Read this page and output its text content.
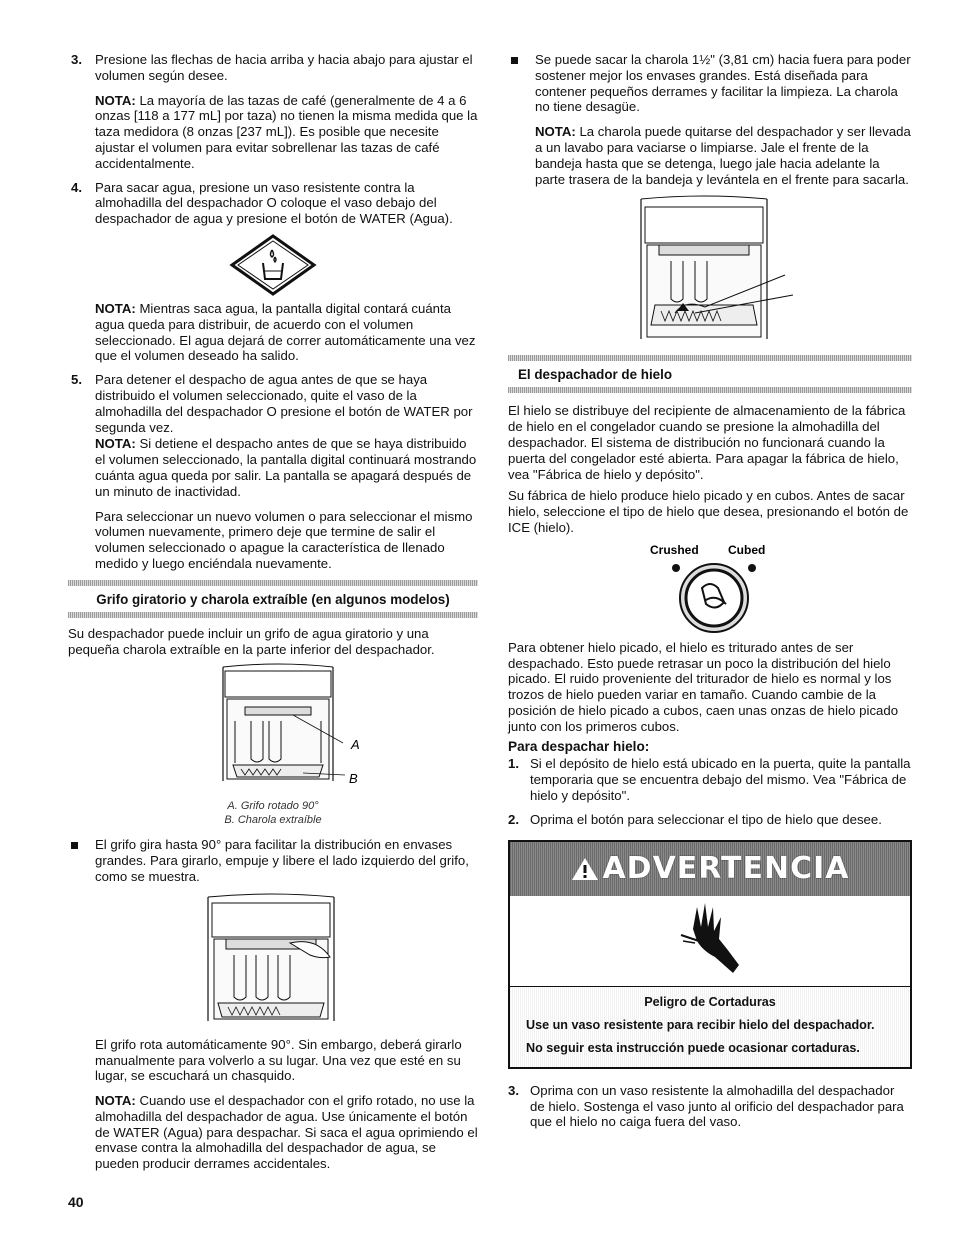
3. Presione las flechas de hacia arriba y hacia abajo para ajustar el volumen según desee.

NOTA: La mayoría de las tazas de café (generalmente de 4 a 6 onzas [118 a 177 mL] por taza) no tienen la misma medida que la taza medidora (8 onzas [237 mL]). Es posible que necesite ajustar el volumen para evitar sobrellenar las tazas de café accidentalmente.

4. Para sacar agua, presione un vaso resistente contra la almohadilla del despachador O coloque el vaso debajo del despachador de agua y presione el botón de WATER (Agua).

NOTA: Mientras saca agua, la pantalla digital contará cuánta agua queda para distribuir, de acuerdo con el volumen seleccionado. El agua dejará de correr automáticamente una vez que el volumen deseado ha salido.

5. Para detener el despacho de agua antes de que se haya distribuido el volumen seleccionado, quite el vaso de la almohadilla del despachador O presione el botón de WATER por segunda vez.

NOTA: Si detiene el despacho antes de que se haya distribuido el volumen seleccionado, la pantalla digital continuará mostrando cuánta agua queda por salir. La pantalla se apagará después de un minuto de inactividad.

Para seleccionar un nuevo volumen o para seleccionar el mismo volumen nuevamente, primero deje que termine de salir el volumen seleccionado o apague la característica de llenado medido y luego enciéndala nuevamente.

Grifo giratorio y charola extraíble (en algunos modelos)

Su despachador puede incluir un grifo de agua giratorio y una pequeña charola extraíble en la parte inferior del despachador.

A
B
A. Grifo rotado 90°
B. Charola extraíble

El grifo gira hasta 90° para facilitar la distribución en envases grandes. Para girarlo, empuje y libere el lado izquierdo del grifo, como se muestra.

El grifo rota automáticamente 90°. Sin embargo, deberá girarlo manualmente para volverlo a su lugar. Una vez que esté en su lugar, se escuchará un chasquido.

NOTA: Cuando use el despachador con el grifo rotado, no use la almohadilla del despachador de agua. Use únicamente el botón de WATER (Agua) para despachar. Si saca el agua oprimiendo el envase contra la almohadilla del despachador de agua, se pueden producir derrames accidentales.

Se puede sacar la charola 1½" (3,81 cm) hacia fuera para poder sostener mejor los envases grandes. Está diseñada para contener pequeños derrames y facilitar la limpieza. La charola no tiene desagüe.

NOTA: La charola puede quitarse del despachador y ser llevada a un lavabo para vaciarse o limpiarse. Jale el frente de la bandeja hasta que se detenga, luego jale hacia adelante la parte trasera de la bandeja y levántela en el frente para sacarla.

El despachador de hielo

El hielo se distribuye del recipiente de almacenamiento de la fábrica de hielo en el congelador cuando se presione la almohadilla del despachador. El sistema de distribución no funcionará cuando la puerta del congelador esté abierta. Para apagar la fábrica de hielo, vea "Fábrica de hielo y depósito".

Su fábrica de hielo produce hielo picado y en cubos. Antes de sacar hielo, seleccione el tipo de hielo que desea, presionando el botón de ICE (hielo).

Crushed Cubed

Para obtener hielo picado, el hielo es triturado antes de ser despachado. Esto puede retrasar un poco la distribución del hielo picado. El ruido proveniente del triturador de hielo es normal y los trozos de hielo pueden variar en tamaño. Cuando cambie de la posición de hielo picado a cubos, caen unas onzas de hielo picado junto con los primeros cubos.

Para despachar hielo:

1. Si el depósito de hielo está ubicado en la puerta, quite la pantalla temporaria que se encuentra debajo del mismo. Vea "Fábrica de hielo y depósito".

2. Oprima el botón para seleccionar el tipo de hielo que desee.

ADVERTENCIA

Peligro de Cortaduras

Use un vaso resistente para recibir hielo del despachador.

No seguir esta instrucción puede ocasionar cortaduras.

3. Oprima con un vaso resistente la almohadilla del despachador de hielo. Sostenga el vaso junto al orificio del despachador para que el hielo no caiga fuera del vaso.

40
